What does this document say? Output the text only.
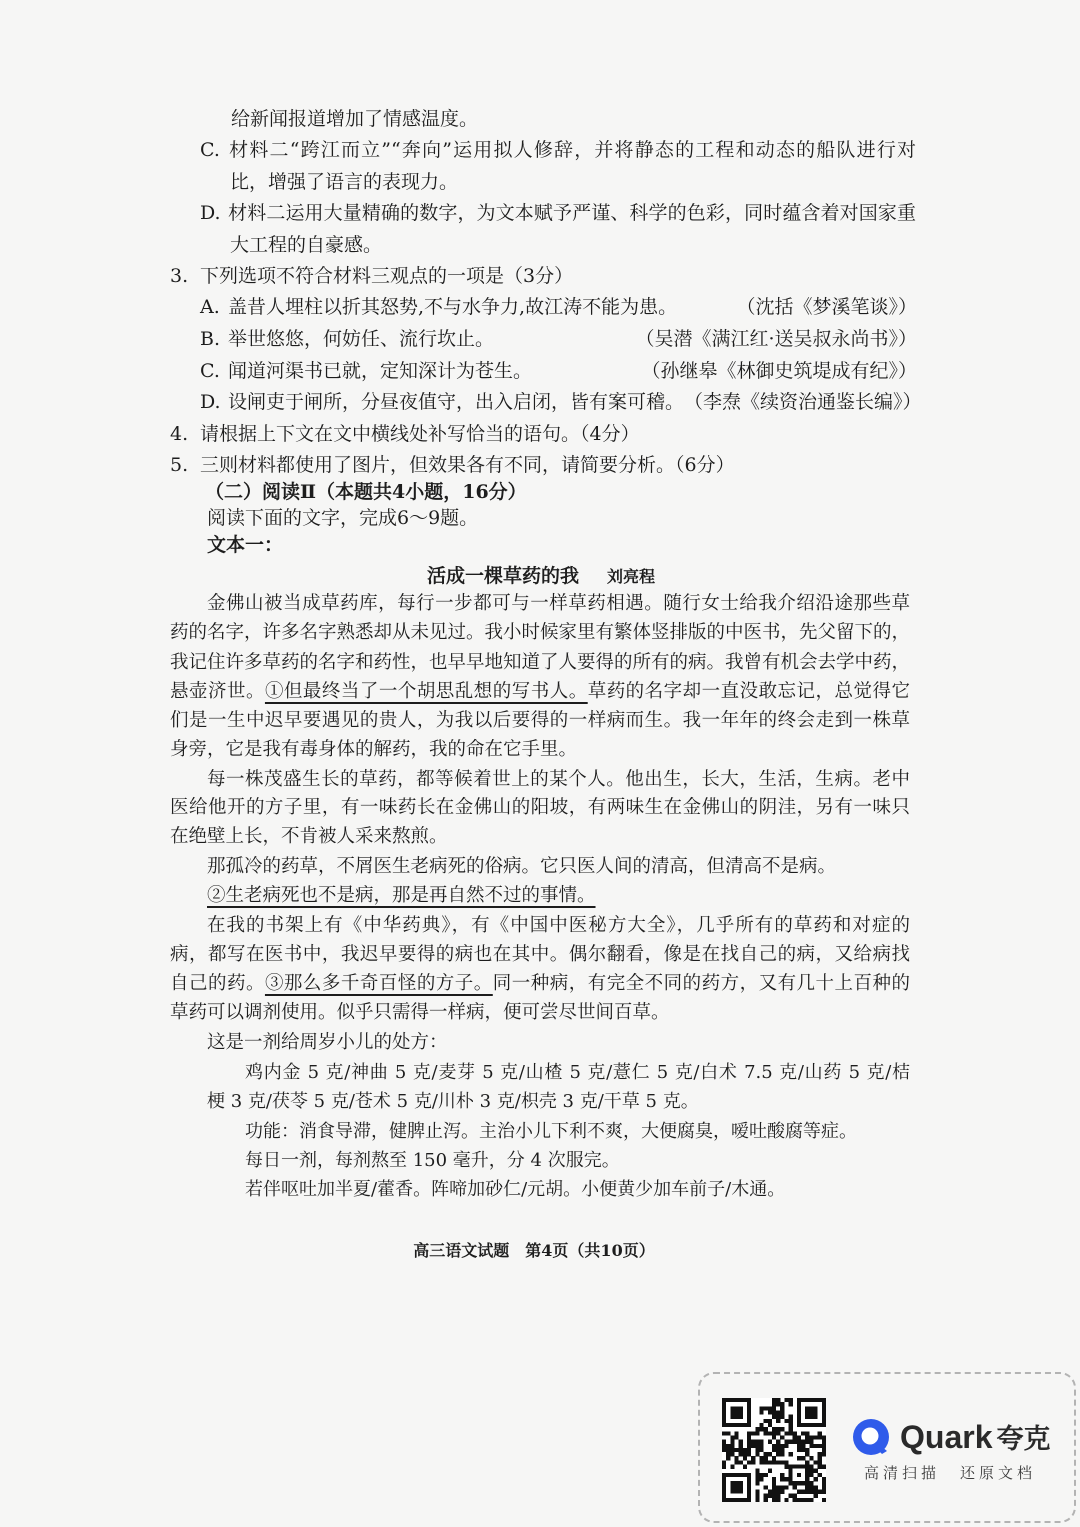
给新闻报道增加了情感温度。
C. 材料二“跨江而立”“奔向”运用拟人修辞，并将静态的工程和动态的船队进行对
比，增强了语言的表现力。
D. 材料二运用大量精确的数字，为文本赋予严谨、科学的色彩，同时蕴含着对国家重
大工程的自豪感。
3. 下列选项不符合材料三观点的一项是（3分）
A. 盖昔人埋柱以折其怒势,不与水争力,故江涛不能为患。	（沈括《梦溪笔谈》）
B. 举世悠悠，何妨任、流行坎止。	（吴潜《满江红·送吴叔永尚书》）
C. 闻道河渠书已就，定知深计为苍生。	（孙继皋《林御史筑堤成有纪》）
D. 设闸吏于闸所，分昼夜值守，出入启闭，皆有案可稽。 （李焘《续资治通鉴长编》）
4. 请根据上下文在文中横线处补写恰当的语句。（4分）
5. 三则材料都使用了图片，但效果各有不同，请简要分析。（6分）
（二）阅读Ⅱ（本题共4小题，16分）
阅读下面的文字，完成6～9题。
文本一：
活成一棵草药的我 刘亮程
金佛山被当成草药库，每行一步都可与一样草药相遇。随行女士给我介绍沿途那些草
药的名字，许多名字熟悉却从未见过。我小时候家里有繁体竖排版的中医书，先父留下的，
我记住许多草药的名字和药性，也早早地知道了人要得的所有的病。我曾有机会去学中药，
悬壶济世。①但最终当了一个胡思乱想的写书人。草药的名字却一直没敢忘记，总觉得它
们是一生中迟早要遇见的贵人，为我以后要得的一样病而生。我一年年的终会走到一株草
身旁，它是我有毒身体的解药，我的命在它手里。
每一株茂盛生长的草药，都等候着世上的某个人。他出生，长大，生活，生病。老中
医给他开的方子里，有一味药长在金佛山的阳坡，有两味生在金佛山的阴洼，另有一味只
在绝壁上长，不肯被人采来熬煎。
那孤冷的药草，不屑医生老病死的俗病。它只医人间的清高，但清高不是病。
②生老病死也不是病，那是再自然不过的事情。
在我的书架上有《中华药典》，有《中国中医秘方大全》，几乎所有的草药和对症的
病，都写在医书中，我迟早要得的病也在其中。偶尔翻看，像是在找自己的病，又给病找
自己的药。③那么多千奇百怪的方子。同一种病，有完全不同的药方，又有几十上百种的
草药可以调剂使用。似乎只需得一样病，便可尝尽世间百草。
这是一剂给周岁小儿的处方：
鸡内金 5 克/神曲 5 克/麦芽 5 克/山楂 5 克/薏仁 5 克/白术 7.5 克/山药 5 克/桔
梗 3 克/茯苓 5 克/苍术 5 克/川朴 3 克/枳壳 3 克/干草 5 克。
功能：消食导滞，健脾止泻。主治小儿下利不爽，大便腐臭，嗳吐酸腐等症。
每日一剂，每剂熬至 150 毫升，分 4 次服完。
若伴呕吐加半夏/藿香。阵啼加砂仁/元胡。小便黄少加车前子/木通。
高三语文试题　第4页（共10页）
Quark 夸克
高清扫描 还原文档
